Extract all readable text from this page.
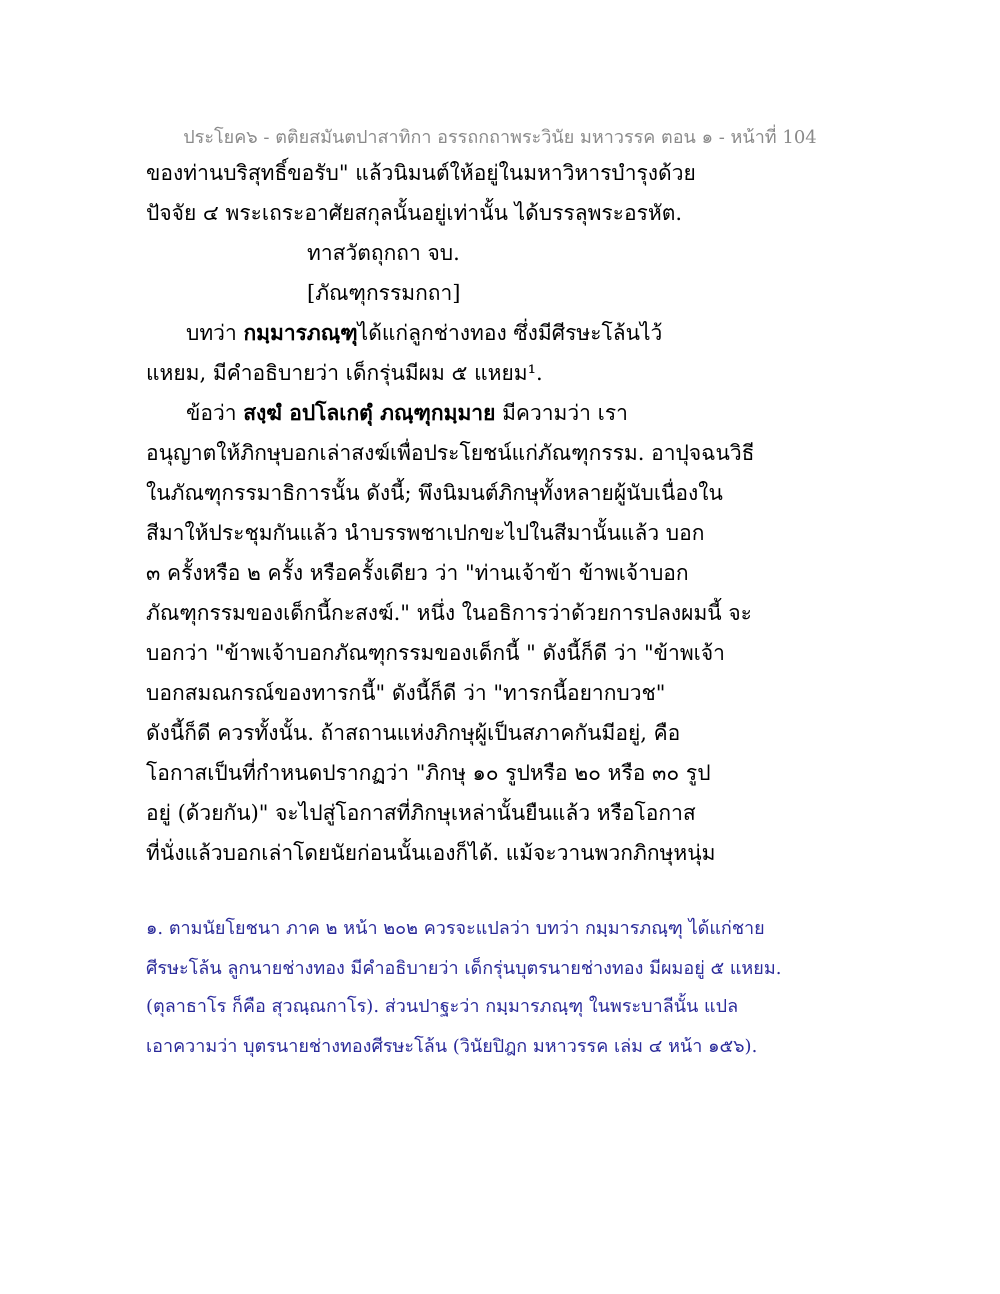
ประโยค๖ - ตติยสมันตปาสาทิกา อรรถกถาพระวินัย มหาวรรค ตอน ๑ - หน้าที่ 104
ของท่านบริสุทธิ์ขอรับ" แล้วนิมนต์ให้อยู่ในมหาวิหารบำรุงด้วย
ปัจจัย ๔ พระเถระอาศัยสกุลนั้นอยู่เท่านั้น ได้บรรลุพระอรหัต.
ทาสวัตถุกถา จบ.
[ภัณฑุกรรมกถา]
บทว่า กมฺมารภณฺฑุได้แก่ลูกช่างทอง ซึ่งมีศีรษะโล้นไว้
แหยม, มีคำอธิบายว่า เด็กรุ่นมีผม ๕ แหยม¹.
ข้อว่า สงฺฆํ อปโลเกตุํ ภณฺฑุกมฺมาย มีความว่า เรา
อนุญาตให้ภิกษุบอกเล่าสงฆ์เพื่อประโยชน์แก่ภัณฑุกรรม. อาปุจฉนวิธี
ในภัณฑุกรรมาธิการนั้น ดังนี้; พึงนิมนต์ภิกษุทั้งหลายผู้นับเนื่องใน
สีมาให้ประชุมกันแล้ว นำบรรพชาเปกขะไปในสีมานั้นแล้ว บอก
๓ ครั้งหรือ ๒ ครั้ง หรือครั้งเดียว ว่า "ท่านเจ้าข้า ข้าพเจ้าบอก
ภัณฑุกรรมของเด็กนี้กะสงฆ์." หนึ่ง ในอธิการว่าด้วยการปลงผมนี้ จะ
บอกว่า "ข้าพเจ้าบอกภัณฑุกรรมของเด็กนี้ " ดังนี้ก็ดี ว่า "ข้าพเจ้า
บอกสมณกรณ์ของทารกนี้" ดังนี้ก็ดี ว่า "ทารกนี้อยากบวช"
ดังนี้ก็ดี ควรทั้งนั้น. ถ้าสถานแห่งภิกษุผู้เป็นสภาคกันมีอยู่, คือ
โอกาสเป็นที่กำหนดปรากฏว่า "ภิกษุ ๑๐ รูปหรือ ๒๐ หรือ ๓๐ รูป
อยู่ (ด้วยกัน)" จะไปสู่โอกาสที่ภิกษุเหล่านั้นยืนแล้ว หรือโอกาส
ที่นั่งแล้วบอกเล่าโดยนัยก่อนนั้นเองก็ได้. แม้จะวานพวกภิกษุหนุ่ม
๑. ตามนัยโยชนา ภาค ๒ หน้า ๒๐๒ ควรจะแปลว่า บทว่า กมฺมารภณฺฑุ ได้แก่ชาย
ศีรษะโล้น ลูกนายช่างทอง มีคำอธิบายว่า เด็กรุ่นบุตรนายช่างทอง มีผมอยู่ ๕ แหยม.
(ตุลาธาโร ก็คือ สุวณฺณกาโร). ส่วนปาฐะว่า กมฺมารภณฺฑุ ในพระบาลีนั้น แปล
เอาความว่า บุตรนายช่างทองศีรษะโล้น (วินัยปิฎก มหาวรรค เล่ม ๔ หน้า ๑๕๖).
